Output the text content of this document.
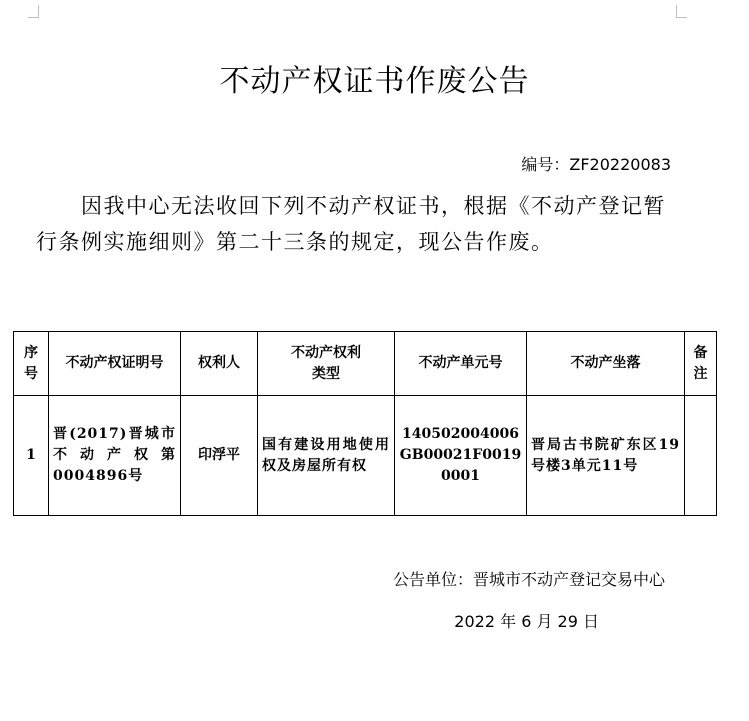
不动产权证书作废公告
编号：ZF20220083
因我中心无法收回下列不动产权证书，根据《不动产登记暂行条例实施细则》第二十三条的规定，现公告作废。
序号	不动产权证明号	权利人	不动产权利类型	不动产单元号	不动产坐落	备注
1	晋(2017)晋城市不动产权第0004896号	印浮平	国有建设用地使用权及房屋所有权	140502004006GB00021F00190001	晋局古书院矿东区19号楼3单元11号	
公告单位：晋城市不动产登记交易中心
2022 年 6 月 29 日
